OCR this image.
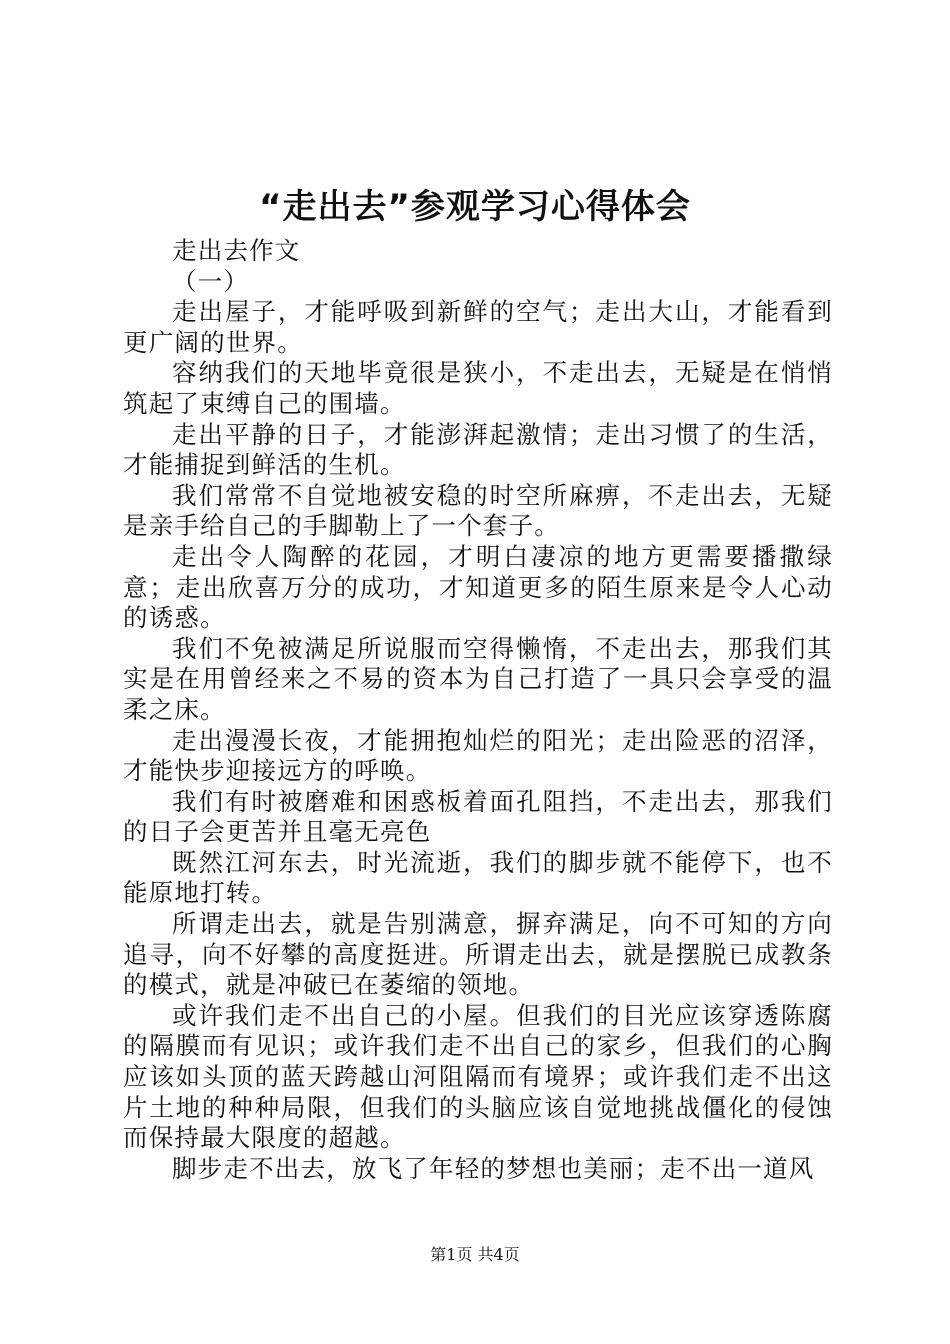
“走出去”参观学习心得体会

走出去作文

（一）

走出屋子，才能呼吸到新鲜的空气；走出大山，才能看到更广阔的世界。

容纳我们的天地毕竟很是狭小，不走出去，无疑是在悄悄筑起了束缚自己的围墙。

走出平静的日子，才能澎湃起激情；走出习惯了的生活，才能捕捉到鲜活的生机。

我们常常不自觉地被安稳的时空所麻痹，不走出去，无疑是亲手给自己的手脚勒上了一个套子。

走出令人陶醉的花园，才明白凄凉的地方更需要播撒绿意；走出欣喜万分的成功，才知道更多的陌生原来是令人心动的诱惑。

我们不免被满足所说服而空得懒惰，不走出去，那我们其实是在用曾经来之不易的资本为自己打造了一具只会享受的温柔之床。

走出漫漫长夜，才能拥抱灿烂的阳光；走出险恶的沼泽，才能快步迎接远方的呼唤。

我们有时被磨难和困惑板着面孔阻挡，不走出去，那我们的日子会更苦并且毫无亮色

既然江河东去，时光流逝，我们的脚步就不能停下，也不能原地打转。

所谓走出去，就是告别满意，摒弃满足，向不可知的方向追寻，向不好攀的高度挺进。所谓走出去，就是摆脱已成教条的模式，就是冲破已在萎缩的领地。

或许我们走不出自己的小屋。但我们的目光应该穿透陈腐的隔膜而有见识；或许我们走不出自己的家乡，但我们的心胸应该如头顶的蓝天跨越山河阻隔而有境界；或许我们走不出这片土地的种种局限，但我们的头脑应该自觉地挑战僵化的侵蚀而保持最大限度的超越。

脚步走不出去，放飞了年轻的梦想也美丽；走不出一道风

第1页 共4页
